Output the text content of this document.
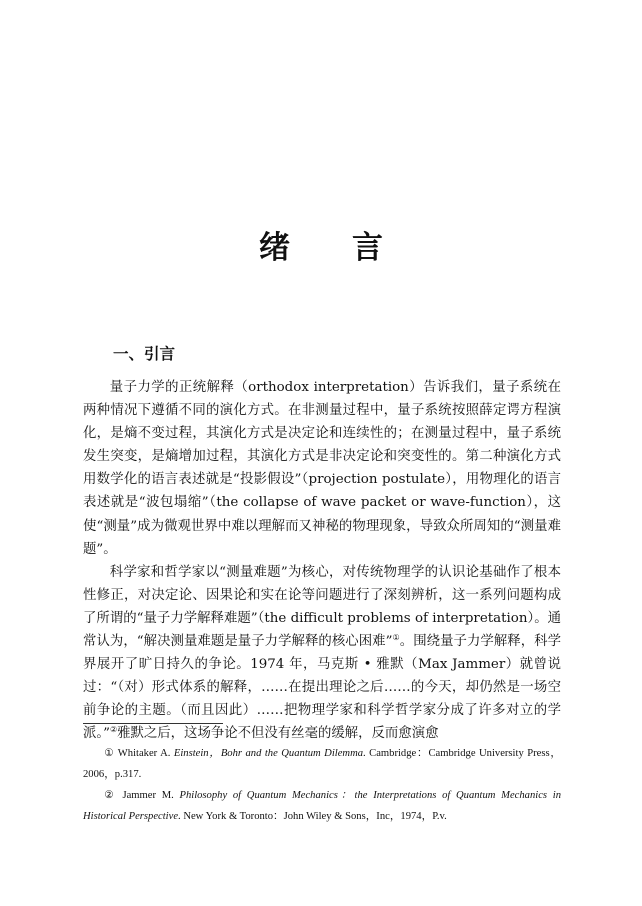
绪 言
一、引言

量子力学的正统解释（orthodox interpretation）告诉我们，量子系统在两种情况下遵循不同的演化方式。在非测量过程中，量子系统按照薛定谔方程演化，是熵不变过程，其演化方式是决定论和连续性的；在测量过程中，量子系统发生突变，是熵增加过程，其演化方式是非决定论和突变性的。第二种演化方式用数学化的语言表述就是“投影假设”（projection postulate），用物理化的语言表述就是“波包塌缩”（the collapse of wave packet or wave-function），这使“测量”成为微观世界中难以理解而又神秘的物理现象，导致众所周知的“测量难题”。

科学家和哲学家以“测量难题”为核心，对传统物理学的认识论基础作了根本性修正，对决定论、因果论和实在论等问题进行了深刻辨析，这一系列问题构成了所谓的“量子力学解释难题”（the difficult problems of interpretation）。通常认为，“解决测量难题是量子力学解释的核心困难”①。围绕量子力学解释，科学界展开了旷日持久的争论。1974 年，马克斯 • 雅默（Max Jammer）就曾说过：“（对）形式体系的解释，……在提出理论之后……的今天，却仍然是一场空前争论的主题。（而且因此）……把物理学家和科学哲学家分成了许多对立的学派。”②雅默之后，这场争论不但没有丝毫的缓解，反而愈演愈

① Whitaker A. Einstein，Bohr and the Quantum Dilemma. Cambridge：Cambridge University Press，2006，p.317.

② Jammer M. Philosophy of Quantum Mechanics：the Interpretations of Quantum Mechanics in Historical Perspective. New York & Toronto：John Wiley & Sons，Inc，1974，P.v.
